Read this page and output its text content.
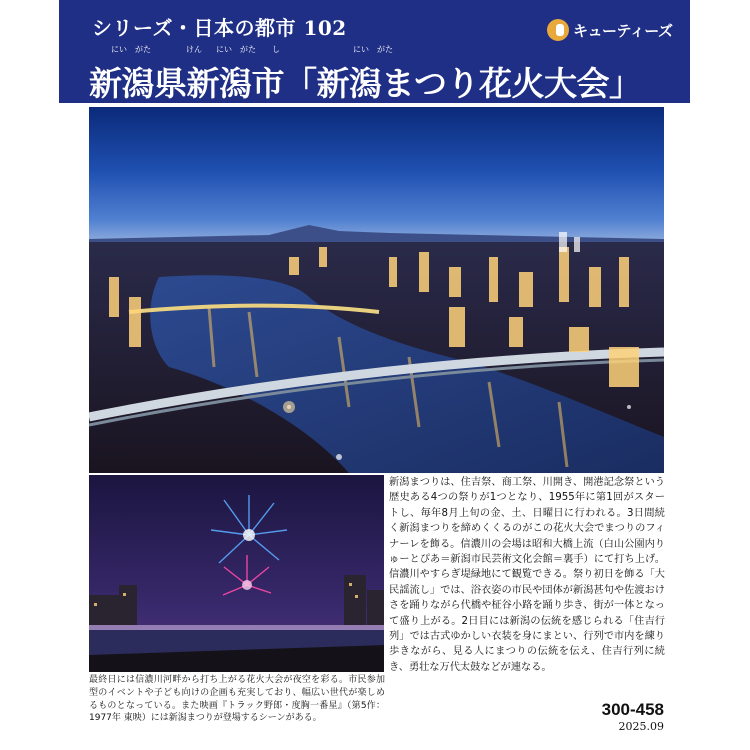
シリーズ・日本の都市 102
にい　がた	けん にい　がた　　し	にい　がた
新潟県新潟市「新潟まつり花火大会」
キューティーズ
新潟まつりは、住吉祭、商工祭、川開き、開港記念祭という歴史ある4つの祭りが1つとなり、1955年に第1回がスタートし、毎年8月上旬の金、土、日曜日に行われる。3日間続く新潟まつりを締めくくるのがこの花火大会でまつりのフィナーレを飾る。信濃川の会場は昭和大橋上流（白山公園内りゅーとぴあ＝新潟市民芸術文化会館＝裏手）にて打ち上げ。信濃川やすらぎ堤緑地にて観覧できる。祭り初日を飾る「大民謡流し」では、浴衣姿の市民や団体が新潟甚句や佐渡おけさを踊りながら代橋や柾谷小路を踊り歩き、街が一体となって盛り上がる。2日目には新潟の伝統を感じられる「住吉行列」では古式ゆかしい衣装を身にまとい、行列で市内を練り歩きながら、見る人にまつりの伝統を伝え、住吉行列に続き、勇壮な万代太鼓などが連なる。
最終日には信濃川河畔から打ち上がる花火大会が夜空を彩る。市民参加型のイベントや子ども向けの企画も充実しており、幅広い世代が楽しめるものとなっている。また映画『トラック野郎・度胸一番星』（第5作：1977年 東映）には新潟まつりが登場するシーンがある。	300-458
2025.09
